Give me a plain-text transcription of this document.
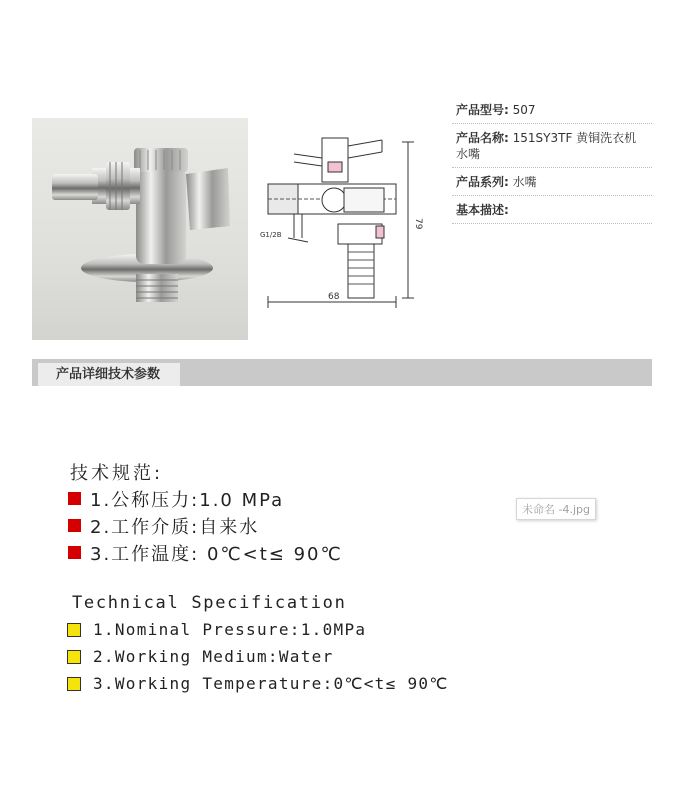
68
79
G1/2B
产品型号: 507
产品名称: 151SY3TF 黄铜洗衣机水嘴
产品系列: 水嘴
基本描述:
产品详细技术参数
技术规范:
1.公称压力:1.0 MPa
2.工作介质:自来水
3.工作温度: 0℃<t≤ 90℃
未命名 -4.jpg
Technical Specification
1.Nominal Pressure:1.0MPa
2.Working Medium:Water
3.Working Temperature:0℃<t≤ 90℃
